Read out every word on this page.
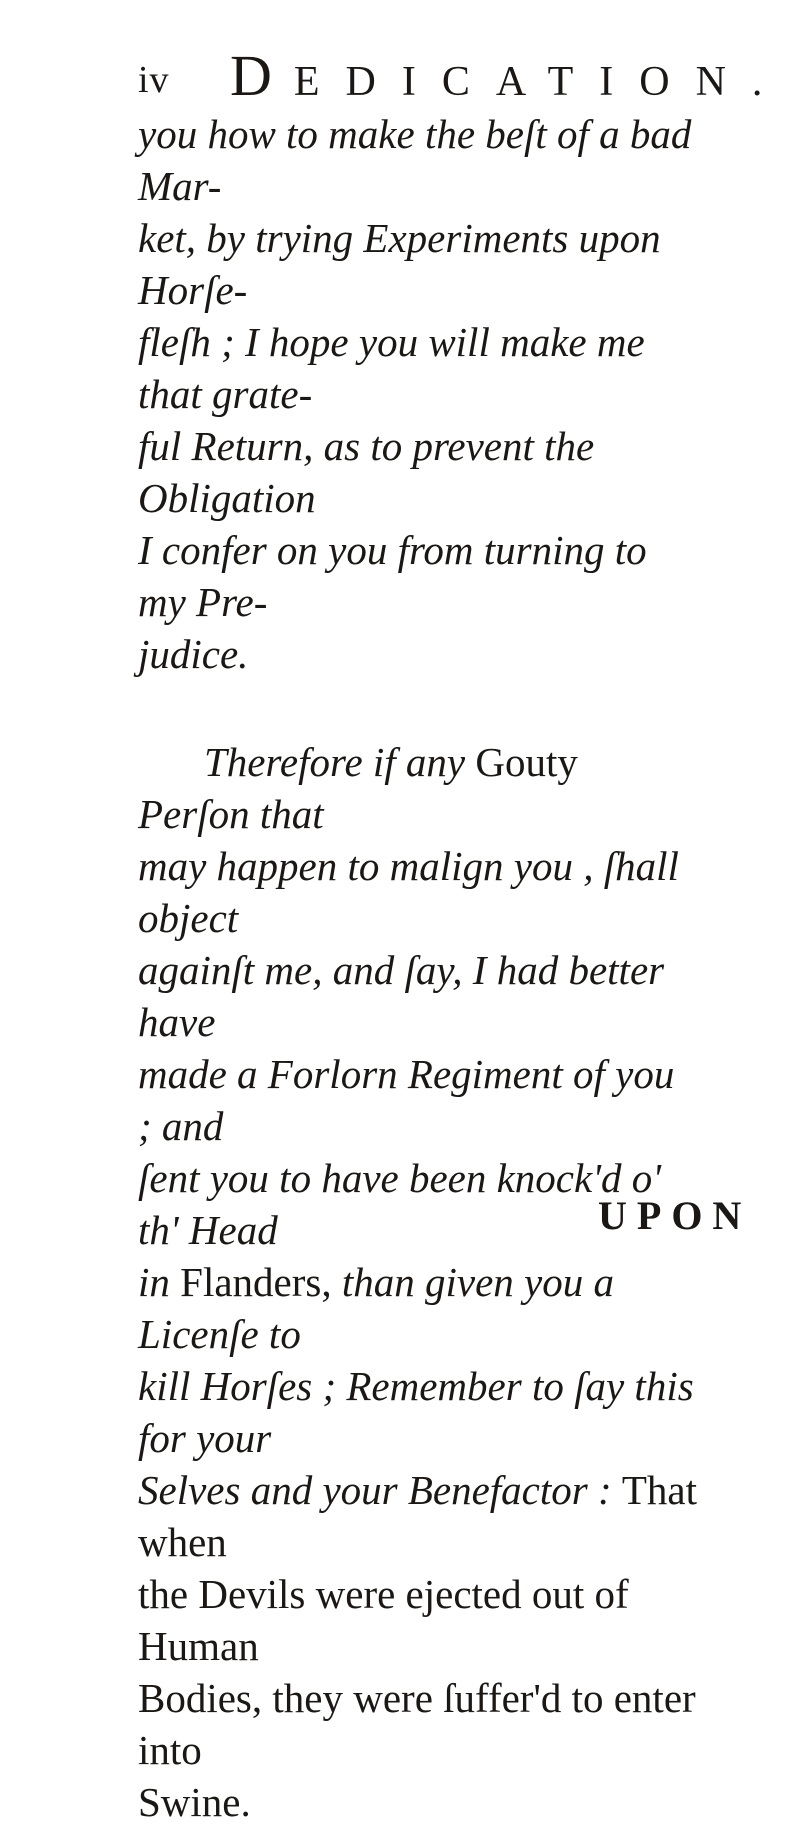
iv DEDICATION.

you how to make the beſt of a bad Mar-
ket, by trying Experiments upon Horſe-
fleſh ; I hope you will make me that grate-
ful Return, as to prevent the Obligation
I confer on you from turning to my Pre-
judice.

Therefore if any Gouty Perſon that
may happen to malign you , ſhall object
againſt me, and ſay, I had better have
made a Forlorn Regiment of you ; and
ſent you to have been knock'd o' th' Head
in Flanders, than given you a Licenſe to
kill Horſes ; Remember to ſay this for your
Selves and your Benefactor : That when
the Devils were ejected out of Human
Bodies, they were ſuffer'd to enter into
Swine.

UPON
